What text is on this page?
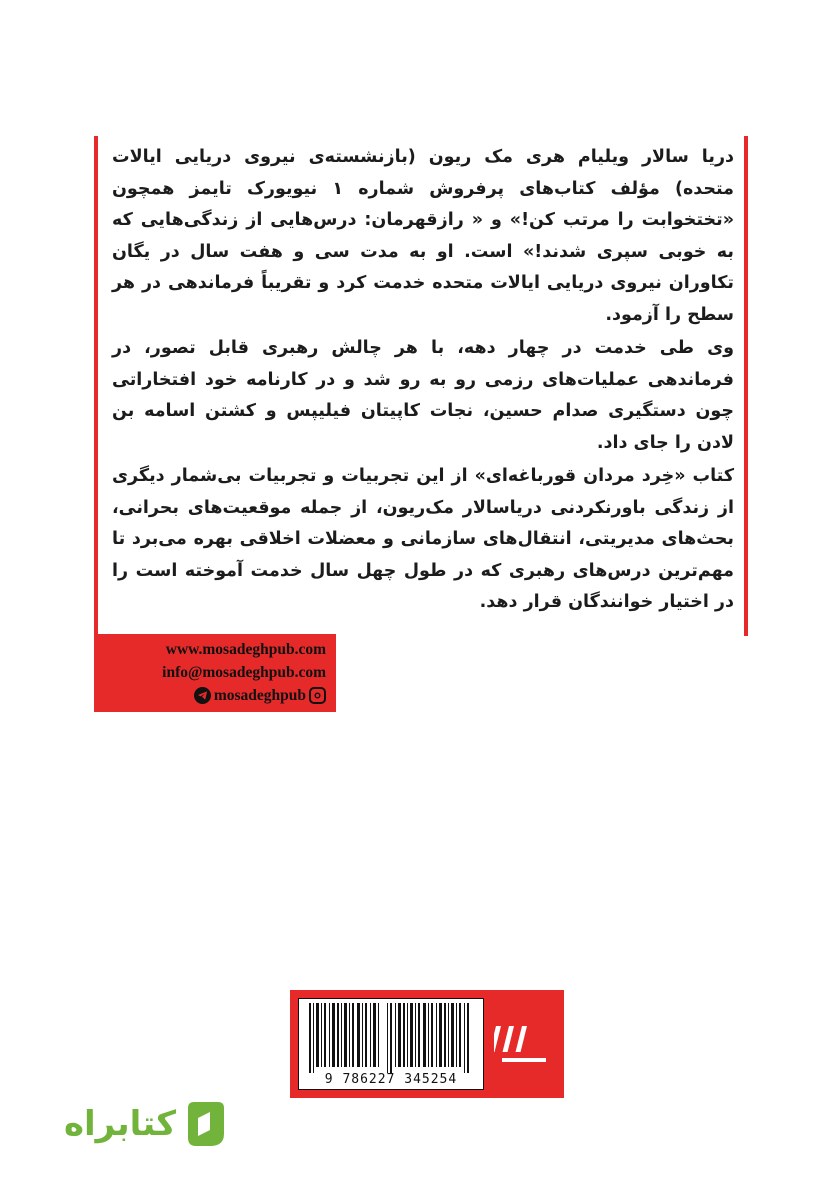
دریا سالار ویلیام هری مک ریون (بازنشسته‌ی نیروی دریایی ایالات متحده) مؤلف کتاب‌های پرفروش شماره ۱ نیویورک تایمز همچون «تختخوابت را مرتب کن!» و « رازقهرمان: درس‌هایی از زندگی‌هایی که به خوبی سپری شدند!» است. او به مدت سی و هفت سال در یگان تکاوران نیروی دریایی ایالات متحده خدمت کرد و تقریباً فرماندهی در هر سطح را آزمود.

وی طی خدمت در چهار دهه، با هر چالش رهبری قابل تصور، در فرماندهی عملیات‌های رزمی رو به رو شد و در کارنامه خود افتخاراتی چون دستگیری صدام حسین، نجات کاپیتان فیلیپس و کشتن اسامه بن لادن را جای داد.

کتاب «خِرد مردان قورباغه‌ای» از این تجربیات و تجربیات بی‌شمار دیگری از زندگی باورنکردنی دریاسالار مک‌ریون، از جمله موقعیت‌های بحرانی، بحث‌های مدیریتی، انتقال‌های سازمانی و معضلات اخلاقی بهره می‌برد تا مهم‌ترین درس‌های رهبری که در طول چهل سال خدمت آموخته است را در اختیار خوانندگان قرار دهد.

www.mosadeghpub.com
info@mosadeghpub.com
mosadeghpub
9 786227 345254
کتابراه
